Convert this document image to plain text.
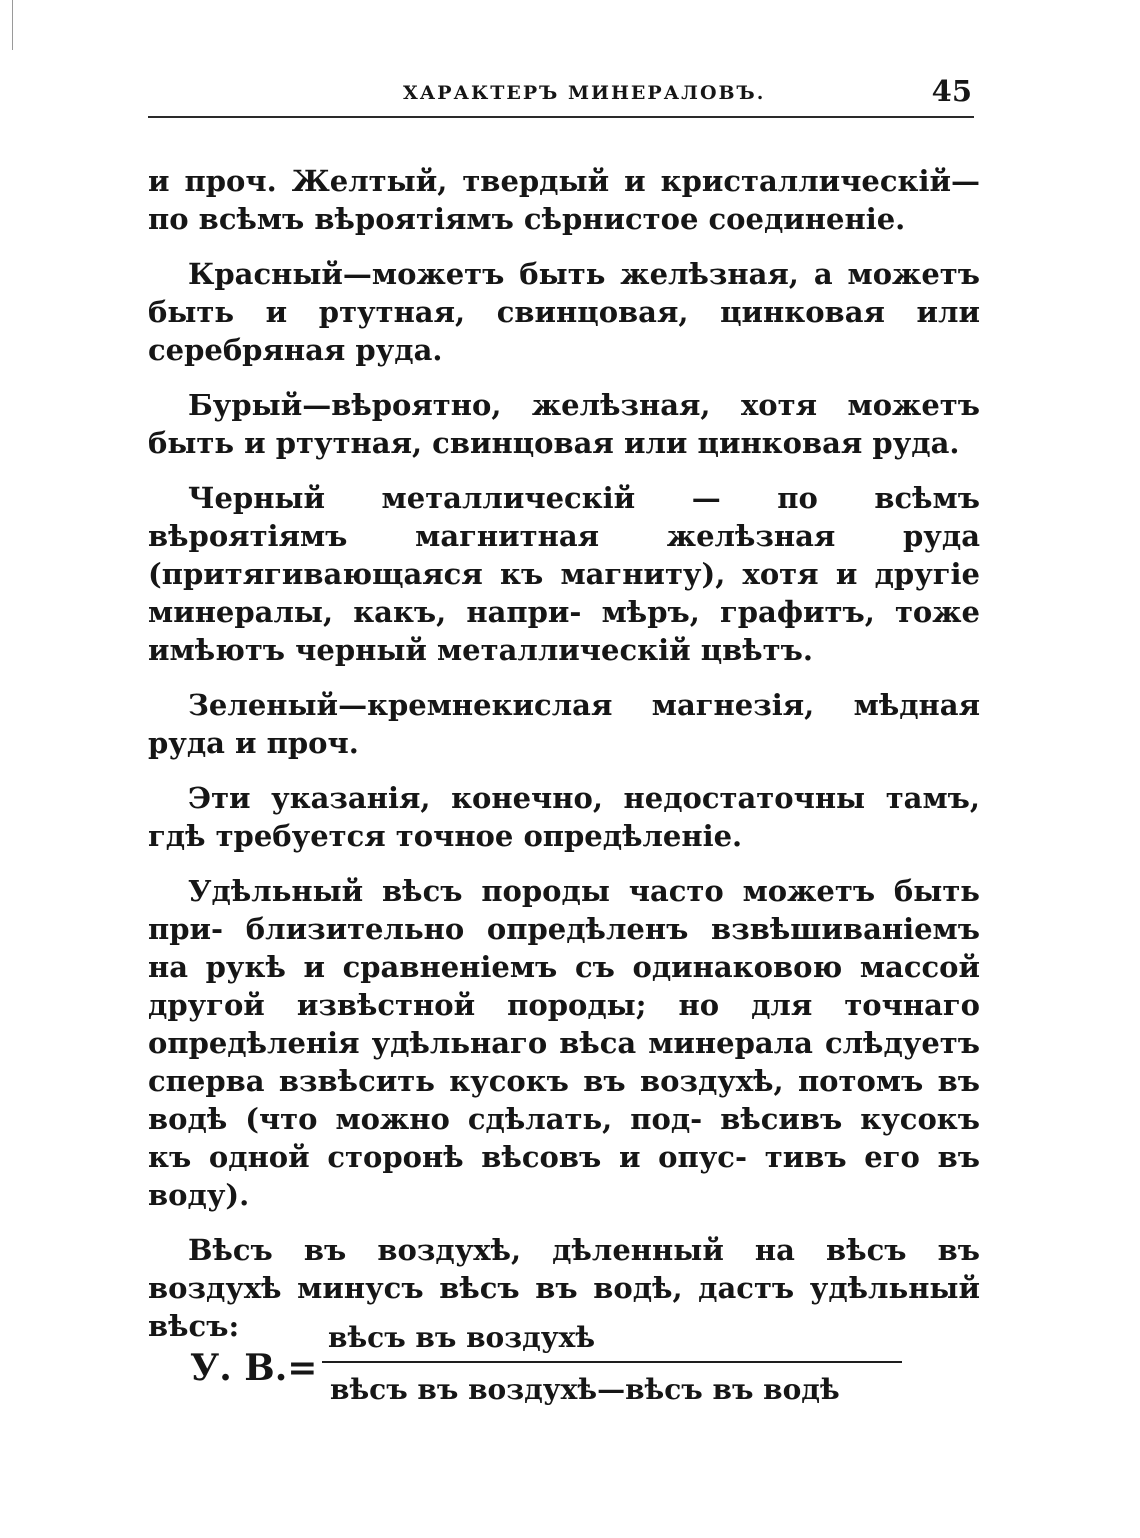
ХАРАКТЕРЪ МИНЕРАЛОВЪ.	45

и проч. Желтый, твердый и кристаллическій—по всѣмъ вѣроятіямъ сѣрнистое соединеніе.

Красный—можетъ быть желѣзная, а можетъ быть и ртутная, свинцовая, цинковая или серебряная руда.

Бурый—вѣроятно, желѣзная, хотя можетъ быть и ртутная, свинцовая или цинковая руда.

Черный металлическій — по всѣмъ вѣроятіямъ магнитная желѣзная руда (притягивающаяся къ магниту), хотя и другіе минералы, какъ, напри- мѣръ, графитъ, тоже имѣютъ черный металлическій цвѣтъ.

Зеленый—кремнекислая магнезія, мѣдная руда и проч.

Эти указанія, конечно, недостаточны тамъ, гдѣ требуется точное опредѣленіе.

Удѣльный вѣсъ породы часто можетъ быть при- близительно опредѣленъ взвѣшиваніемъ на рукѣ и сравненіемъ съ одинаковою массой другой извѣстной породы; но для точнаго опредѣленія удѣльнаго вѣса минерала слѣдуетъ сперва взвѣсить кусокъ въ воздухѣ, потомъ въ водѣ (что можно сдѣлать, под- вѣсивъ кусокъ къ одной сторонѣ вѣсовъ и опус- тивъ его въ воду).

Вѣсъ въ воздухѣ, дѣленный на вѣсъ въ воздухѣ минусъ вѣсъ въ водѣ, дастъ удѣльный вѣсъ:

У. В.=
вѣсъ въ воздухѣ
вѣсъ въ воздухѣ—вѣсъ въ водѣ
